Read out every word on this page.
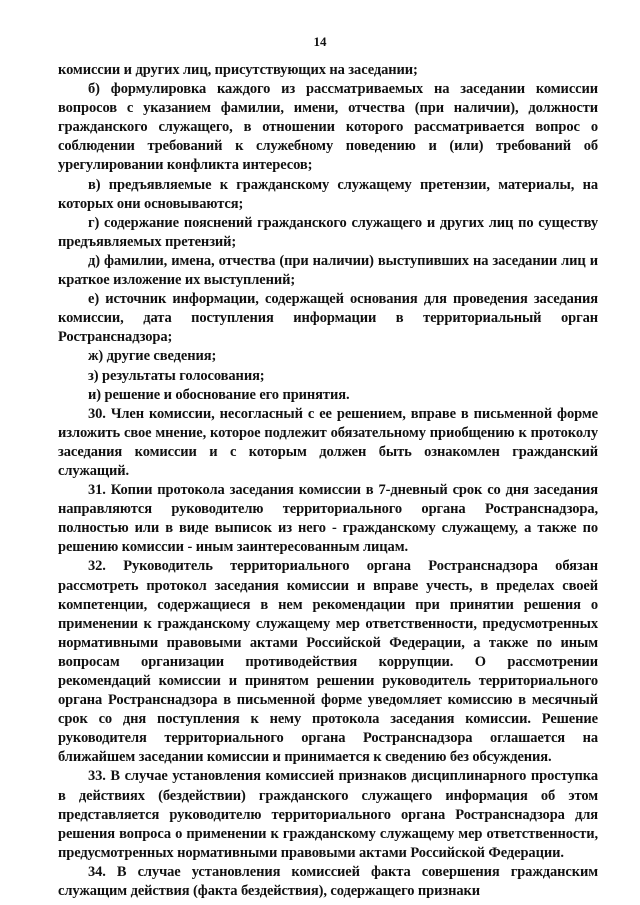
14

комиссии и других лиц, присутствующих на заседании;

б) формулировка каждого из рассматриваемых на заседании комиссии вопросов с указанием фамилии, имени, отчества (при наличии), должности гражданского служащего, в отношении которого рассматривается вопрос о соблюдении требований к служебному поведению и (или) требований об урегулировании конфликта интересов;

в) предъявляемые к гражданскому служащему претензии, материалы, на которых они основываются;

г) содержание пояснений гражданского служащего и других лиц по существу предъявляемых претензий;

д) фамилии, имена, отчества (при наличии) выступивших на заседании лиц и краткое изложение их выступлений;

е) источник информации, содержащей основания для проведения заседания комиссии, дата поступления информации в территориальный орган Ространснадзора;

ж) другие сведения;

з) результаты голосования;

и) решение и обоснование его принятия.

30. Член комиссии, несогласный с ее решением, вправе в письменной форме изложить свое мнение, которое подлежит обязательному приобщению к протоколу заседания комиссии и с которым должен быть ознакомлен гражданский служащий.

31. Копии протокола заседания комиссии в 7-дневный срок со дня заседания направляются руководителю территориального органа Ространснадзора, полностью или в виде выписок из него - гражданскому служащему, а также по решению комиссии - иным заинтересованным лицам.

32. Руководитель территориального органа Ространснадзора обязан рассмотреть протокол заседания комиссии и вправе учесть, в пределах своей компетенции, содержащиеся в нем рекомендации при принятии решения о применении к гражданскому служащему мер ответственности, предусмотренных нормативными правовыми актами Российской Федерации, а также по иным вопросам организации противодействия коррупции. О рассмотрении рекомендаций комиссии и принятом решении руководитель территориального органа Ространснадзора в письменной форме уведомляет комиссию в месячный срок со дня поступления к нему протокола заседания комиссии. Решение руководителя территориального органа Ространснадзора оглашается на ближайшем заседании комиссии и принимается к сведению без обсуждения.

33. В случае установления комиссией признаков дисциплинарного проступка в действиях (бездействии) гражданского служащего информация об этом представляется руководителю территориального органа Ространснадзора для решения вопроса о применении к гражданскому служащему мер ответственности, предусмотренных нормативными правовыми актами Российской Федерации.

34. В случае установления комиссией факта совершения гражданским служащим действия (факта бездействия), содержащего признаки
